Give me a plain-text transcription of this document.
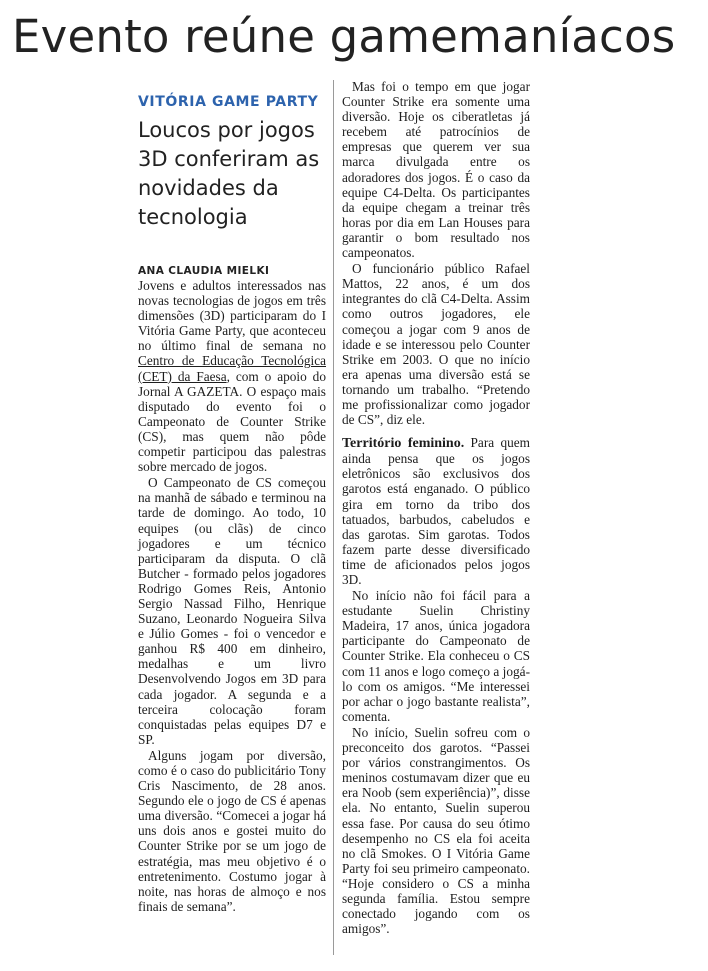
Evento reúne gamemaníacos
VITÓRIA GAME PARTY
Loucos por jogos 3D conferiram as novidades da tecnologia
ANA CLAUDIA MIELKI

Jovens e adultos interessados nas novas tecnologias de jogos em três dimensões (3D) participaram do I Vitória Game Party, que aconteceu no último final de semana no Centro de Educação Tecnológica (CET) da Faesa, com o apoio do Jornal A GAZETA. O espaço mais disputado do evento foi o Campeonato de Counter Strike (CS), mas quem não pôde competir participou das palestras sobre mercado de jogos.

O Campeonato de CS começou na manhã de sábado e terminou na tarde de domingo. Ao todo, 10 equipes (ou clãs) de cinco jogadores e um técnico participaram da disputa. O clã Butcher - formado pelos jogadores Rodrigo Gomes Reis, Antonio Sergio Nassad Filho, Henrique Suzano, Leonardo Nogueira Silva e Júlio Gomes - foi o vencedor e ganhou R$ 400 em dinheiro, medalhas e um livro Desenvolvendo Jogos em 3D para cada jogador. A segunda e a terceira colocação foram conquistadas pelas equipes D7 e SP.

Alguns jogam por diversão, como é o caso do publicitário Tony Cris Nascimento, de 28 anos. Segundo ele o jogo de CS é apenas uma diversão. “Comecei a jogar há uns dois anos e gostei muito do Counter Strike por se um jogo de estratégia, mas meu objetivo é o entretenimento. Costumo jogar à noite, nas horas de almoço e nos finais de semana”.

Mas foi o tempo em que jogar Counter Strike era somente uma diversão. Hoje os ciberatletas já recebem até patrocínios de empresas que querem ver sua marca divulgada entre os adoradores dos jogos. É o caso da equipe C4-Delta. Os participantes da equipe chegam a treinar três horas por dia em Lan Houses para garantir o bom resultado nos campeonatos.

O funcionário público Rafael Mattos, 22 anos, é um dos integrantes do clã C4-Delta. Assim como outros jogadores, ele começou a jogar com 9 anos de idade e se interessou pelo Counter Strike em 2003. O que no início era apenas uma diversão está se tornando um trabalho. “Pretendo me profissionalizar como jogador de CS”, diz ele.

Território feminino. Para quem ainda pensa que os jogos eletrônicos são exclusivos dos garotos está enganado. O público gira em torno da tribo dos tatuados, barbudos, cabeludos e das garotas. Sim garotas. Todos fazem parte desse diversificado time de aficionados pelos jogos 3D.

No início não foi fácil para a estudante Suelin Christiny Madeira, 17 anos, única jogadora participante do Campeonato de Counter Strike. Ela conheceu o CS com 11 anos e logo começo a jogá-lo com os amigos. “Me interessei por achar o jogo bastante realista”, comenta.

No início, Suelin sofreu com o preconceito dos garotos. “Passei por vários constrangimentos. Os meninos costumavam dizer que eu era Noob (sem experiência)”, disse ela. No entanto, Suelin superou essa fase. Por causa do seu ótimo desempenho no CS ela foi aceita no clã Smokes. O I Vitória Game Party foi seu primeiro campeonato. “Hoje considero o CS a minha segunda família. Estou sempre conectado jogando com os amigos”.
